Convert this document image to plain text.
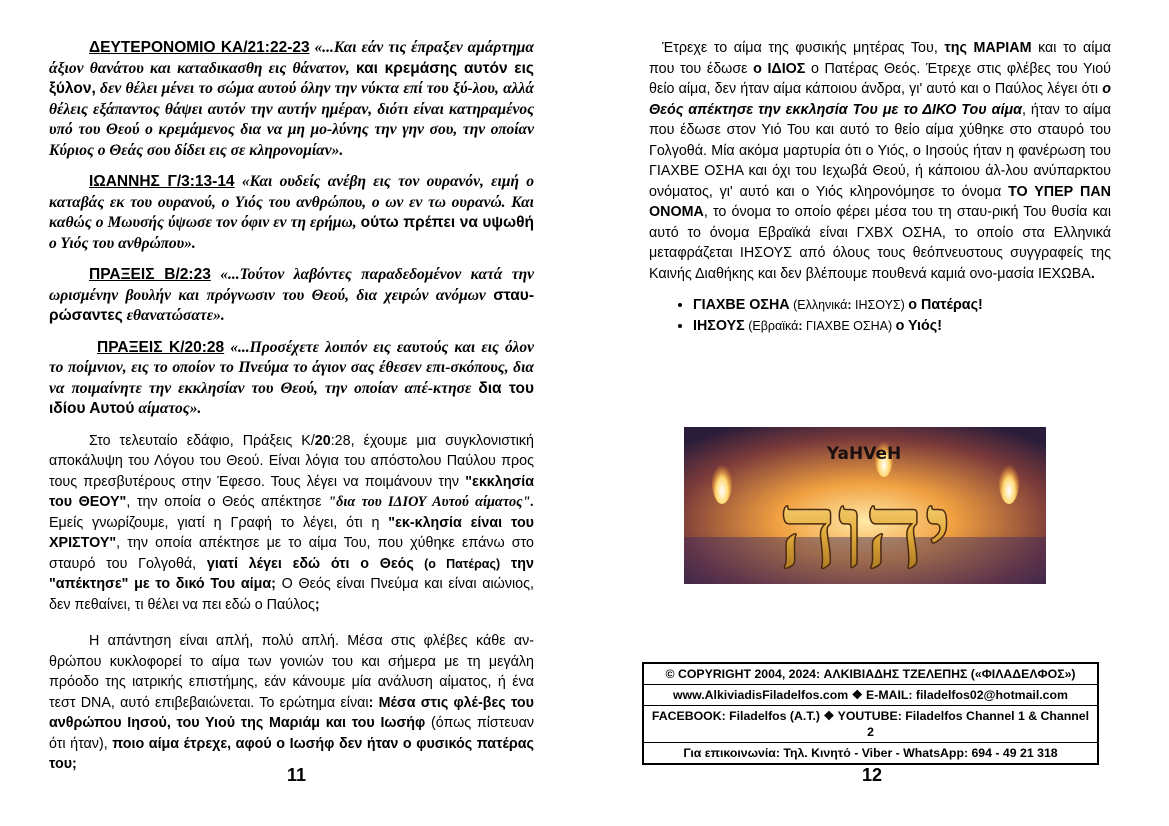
ΔΕΥΤΕΡΟΝΟΜΙΟ ΚΑ/21:22-23 «...Και εάν τις έπραξεν αμάρτημα άξιον θανάτου και καταδικασθη εις θάνατον, και κρεμάσης αυτόν εις ξύλον, δεν θέλει μένει το σώμα αυτού όλην την νύκτα επί του ξύ-λου, αλλά θέλεις εξάπαντος θάψει αυτόν την αυτήν ημέραν, διότι είναι κατηραμένος υπό του Θεού ο κρεμάμενος δια να μη μο-λύνης την γην σου, την οποίαν Κύριος ο Θεάς σου δίδει εις σε κληρονομίαν».

ΙΩΑΝΝΗΣ Γ/3:13-14 «Και ουδείς ανέβη εις τον ουρανόν, ειμή ο καταβάς εκ του ουρανού, ο Υιός του ανθρώπου, ο ων εν τω ουρανώ. Και καθώς ο Μωυσής ύψωσε τον όφιν εν τη ερήμω, ούτω πρέπει να υψωθή ο Υιός του ανθρώπου».

ΠΡΑΞΕΙΣ Β/2:23 «...Τούτον λαβόντες παραδεδομένον κατά την ωρισμένην βουλήν και πρόγνωσιν του Θεού, δια χειρών ανόμων σταυ-ρώσαντες εθανατώσατε».

ΠΡΑΞΕΙΣ Κ/20:28 «...Προσέχετε λοιπόν εις εαυτούς και εις όλον το ποίμνιον, εις το οποίον το Πνεύμα το άγιον σας έθεσεν επι-σκόπους, δια να ποιμαίνητε την εκκλησίαν του Θεού, την οποίαν απέ-κτησε δια του ιδίου Αυτού αίματος».

Στο τελευταίο εδάφιο, Πράξεις Κ/20:28, έχουμε μια συγκλονιστική αποκάλυψη του Λόγου του Θεού. Είναι λόγια του απόστολου Παύλου προς τους πρεσβυτέρους στην Έφεσο. Τους λέγει να ποιμάνουν την "εκκλησία του ΘΕΟΥ", την οποία ο Θεός απέκτησε "δια του ΙΔΙΟΥ Αυτού αίματος". Εμείς γνωρίζουμε, γιατί η Γραφή το λέγει, ότι η "εκ-κλησία είναι του ΧΡΙΣΤΟΥ", την οποία απέκτησε με το αίμα Του, που χύθηκε επάνω στο σταυρό του Γολγοθά, γιατί λέγει εδώ ότι ο Θεός (ο Πατέρας) την "απέκτησε" με το δικό Του αίμα; Ο Θεός είναι Πνεύμα και είναι αιώνιος, δεν πεθαίνει, τι θέλει να πει εδώ ο Παύλος;

Η απάντηση είναι απλή, πολύ απλή. Μέσα στις φλέβες κάθε αν-θρώπου κυκλοφορεί το αίμα των γονιών του και σήμερα με τη μεγάλη πρόοδο της ιατρικής επιστήμης, εάν κάνουμε μία ανάλυση αίματος, ή ένα τεστ DNA, αυτό επιβεβαιώνεται. Το ερώτημα είναι: Μέσα στις φλέ-βες του ανθρώπου Ιησού, του Υιού της Μαριάμ και του Ιωσήφ (όπως πίστευαν ότι ήταν), ποιο αίμα έτρεχε, αφού ο Ιωσήφ δεν ήταν ο φυσικός πατέρας του;

11

Έτρεχε το αίμα της φυσικής μητέρας Του, της ΜΑΡΙΑΜ και το αίμα που του έδωσε ο ΙΔΙΟΣ ο Πατέρας Θεός. Έτρεχε στις φλέβες του Υιού θείο αίμα, δεν ήταν αίμα κάποιου άνδρα, γι' αυτό και ο Παύλος λέγει ότι ο Θεός απέκτησε την εκκλησία Του με το ΔΙΚΟ Του αίμα, ήταν το αίμα που έδωσε στον Υιό Του και αυτό το θείο αίμα χύθηκε στο σταυρό του Γολγοθά. Μία ακόμα μαρτυρία ότι ο Υιός, ο Ιησούς ήταν η φανέρωση του ΓΙΑΧΒΕ ΟΣΗΑ και όχι του Ιεχωβά Θεού, ή κάποιου άλ-λου ανύπαρκτου ονόματος, γι' αυτό και ο Υιός κληρονόμησε το όνομα ΤΟ ΥΠΕΡ ΠΑΝ ΟΝΟΜΑ, το όνομα το οποίο φέρει μέσα του τη σταυ-ρική Του θυσία και αυτό το όνομα Εβραϊκά είναι ΓΧΒΧ ΟΣΗΑ, το οποίο στα Ελληνικά μεταφράζεται ΙΗΣΟΥΣ από όλους τους θεόπνευστους συγγραφείς της Καινής Διαθήκης και δεν βλέπουμε πουθενά καμιά ονο-μασία ΙΕΧΩΒΑ.

• ΓΙΑΧΒΕ ΟΣΗΑ (Ελληνικά: ΙΗΣΟΥΣ) ο Πατέρας!
• ΙΗΣΟΥΣ (Εβραϊκά: ΓΙΑΧΒΕ ΟΣΗΑ) ο Υιός!
יהוה
YaHVeH
© COPYRIGHT 2004, 2024: ΑΛΚΙΒΙΑΔΗΣ ΤΖΕΛΕΠΗΣ («ΦΙΛΑΔΕΛΦΟΣ»)
www.AlkiviadisFiladelfos.com ❖ E-MAIL: filadelfos02@hotmail.com
FACEBOOK: Filadelfos (A.T.) ❖ YOUTUBE: Filadelfos Channel 1 & Channel 2
Για επικοινωνία: Τηλ. Κινητό - Viber - WhatsApp: 694 - 49 21 318
12
